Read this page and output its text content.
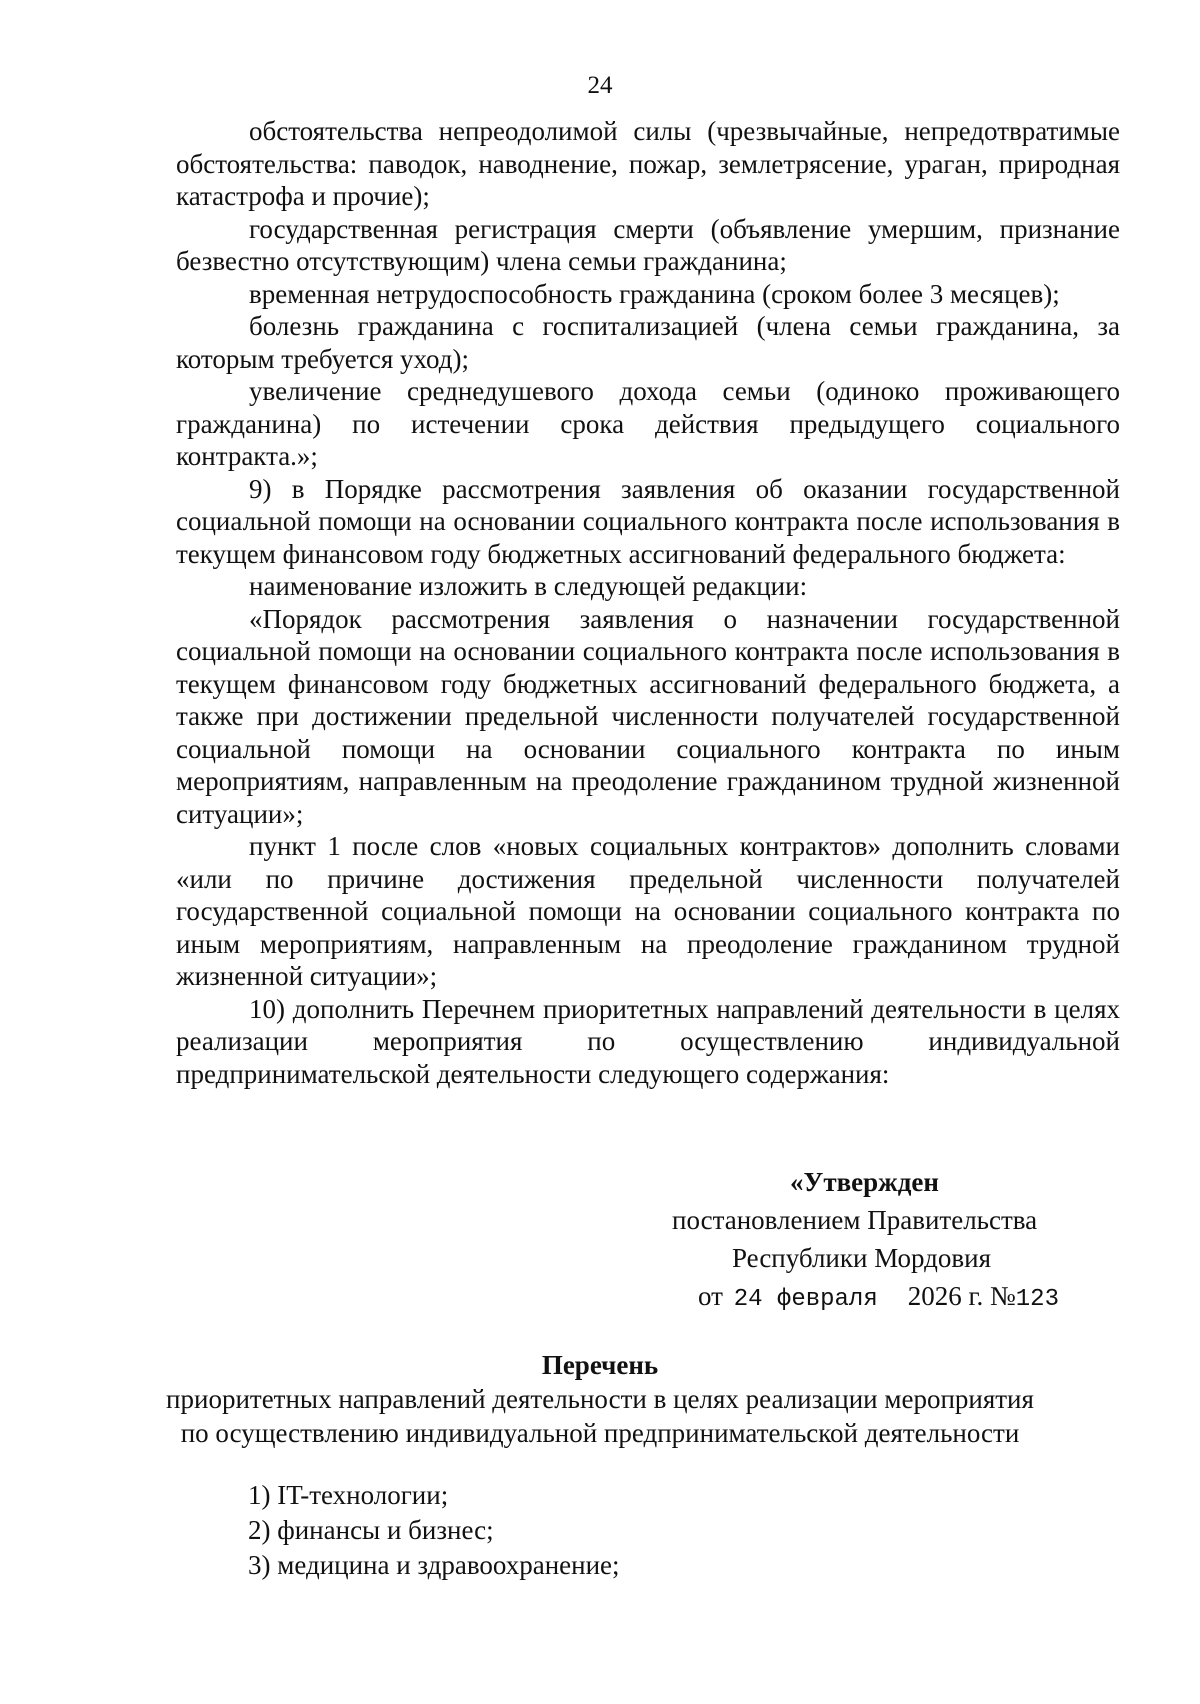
24

обстоятельства непреодолимой силы (чрезвычайные, непредотвратимые обстоятельства: паводок, наводнение, пожар, землетрясение, ураган, природная катастрофа и прочие);

государственная регистрация смерти (объявление умершим, признание безвестно отсутствующим) члена семьи гражданина;

временная нетрудоспособность гражданина (сроком более 3 месяцев);

болезнь гражданина с госпитализацией (члена семьи гражданина, за которым требуется уход);

увеличение среднедушевого дохода семьи (одиноко проживающего гражданина) по истечении срока действия предыдущего социального контракта.»;

9) в Порядке рассмотрения заявления об оказании государственной социальной помощи на основании социального контракта после использования в текущем финансовом году бюджетных ассигнований федерального бюджета:

наименование изложить в следующей редакции:

«Порядок рассмотрения заявления о назначении государственной социальной помощи на основании социального контракта после использования в текущем финансовом году бюджетных ассигнований федерального бюджета, а также при достижении предельной численности получателей государственной социальной помощи на основании социального контракта по иным мероприятиям, направленным на преодоление гражданином трудной жизненной ситуации»;

пункт 1 после слов «новых социальных контрактов» дополнить словами «или по причине достижения предельной численности получателей государственной социальной помощи на основании социального контракта по иным мероприятиям, направленным на преодоление гражданином трудной жизненной ситуации»;

10) дополнить Перечнем приоритетных направлений деятельности в целях реализации мероприятия по осуществлению индивидуальной предпринимательской деятельности следующего содержания:

«Утвержден
постановлением Правительства
Республики Мордовия
от 24 февраля 2026 г. №123
Перечень
приоритетных направлений деятельности в целях реализации мероприятия
по осуществлению индивидуальной предпринимательской деятельности
1) IT-технологии;
2) финансы и бизнес;
3) медицина и здравоохранение;
